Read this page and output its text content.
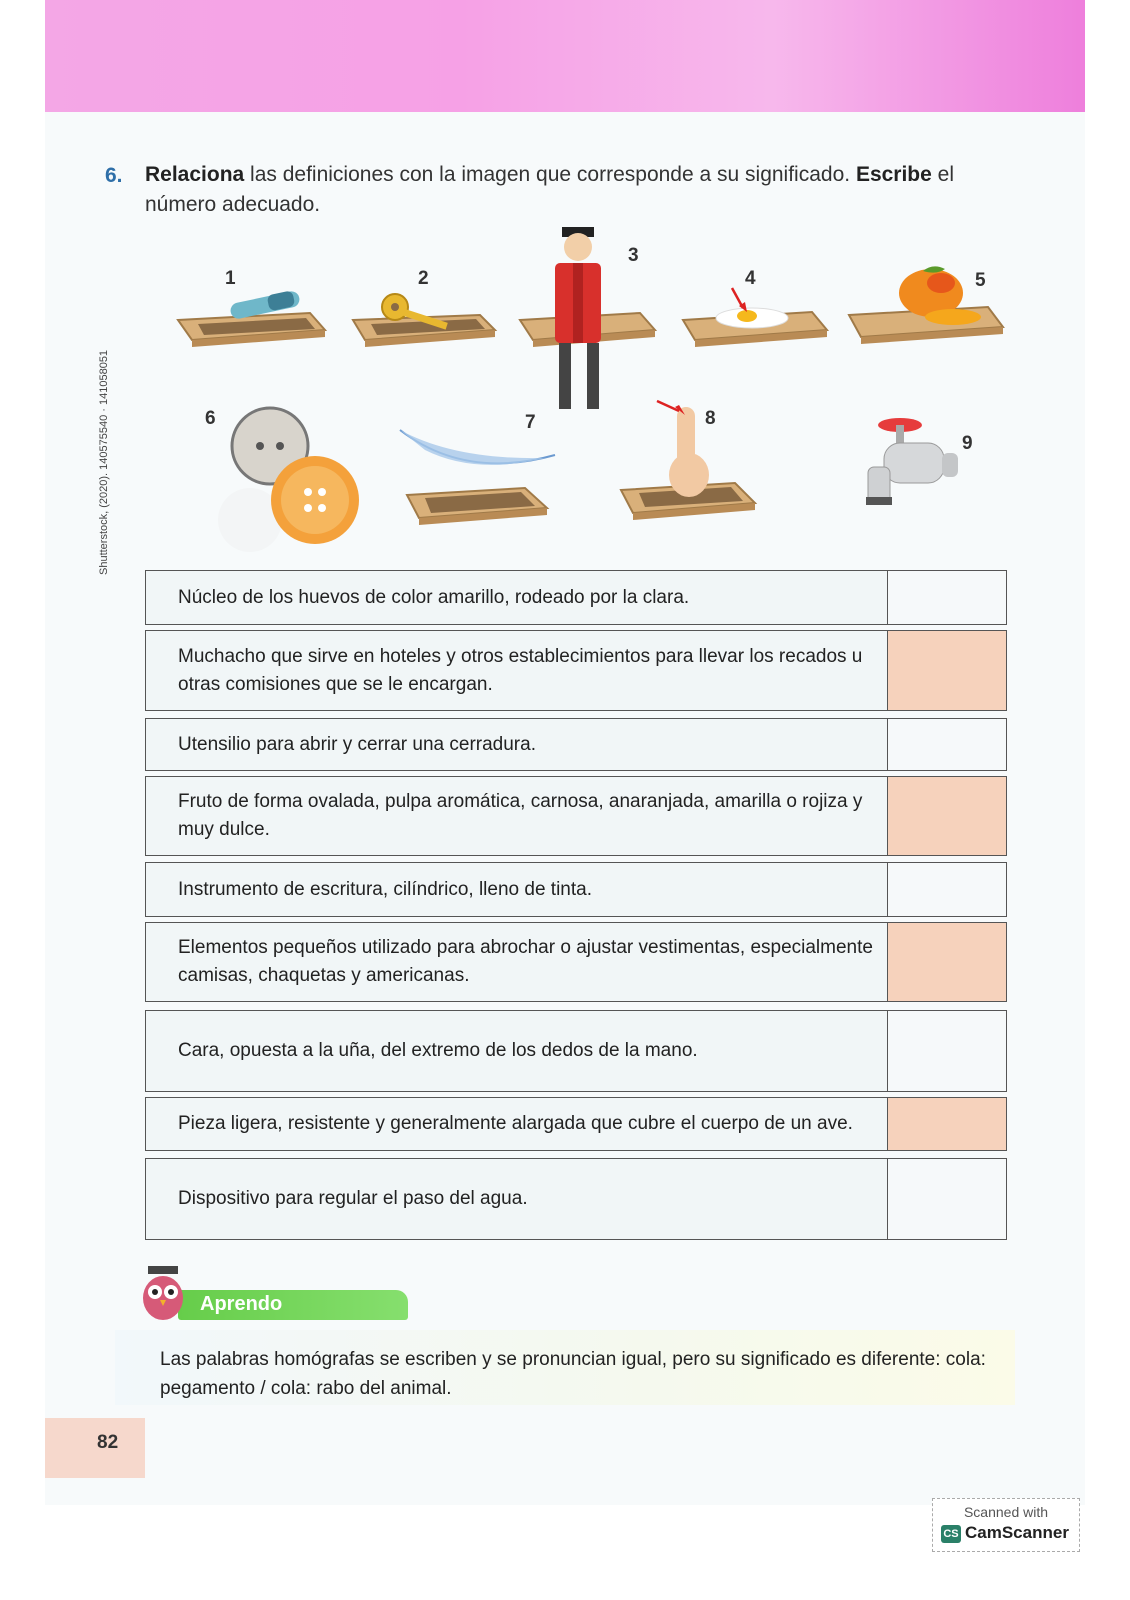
6. Relaciona las definiciones con la imagen que corresponde a su significado. Escribe el número adecuado.
Shutterstock, (2020). 140575540 · 141058051
1	2
3
4	5
6	7	8
9
Núcleo de los huevos de color amarillo, rodeado por la clara.
Muchacho que sirve en hoteles y otros establecimientos para llevar los recados u otras comisiones que se le encargan.
Utensilio para abrir y cerrar una cerradura.
Fruto de forma ovalada, pulpa aromática, carnosa, anaranjada, amarilla o rojiza y muy dulce.
Instrumento de escritura, cilíndrico, lleno de tinta.
Elementos pequeños utilizado para abrochar o ajustar vestimentas, especialmente camisas, chaquetas y americanas.
Cara, opuesta a la uña, del extremo de los dedos de la mano.
Pieza ligera, resistente y generalmente alargada que cubre el cuerpo de un ave.
Dispositivo para regular el paso del agua.
Aprendo
Las palabras homógrafas se escriben y se pronuncian igual, pero su significado es diferente: cola: pegamento / cola: rabo del animal.
82
Scanned with
CS CamScanner
